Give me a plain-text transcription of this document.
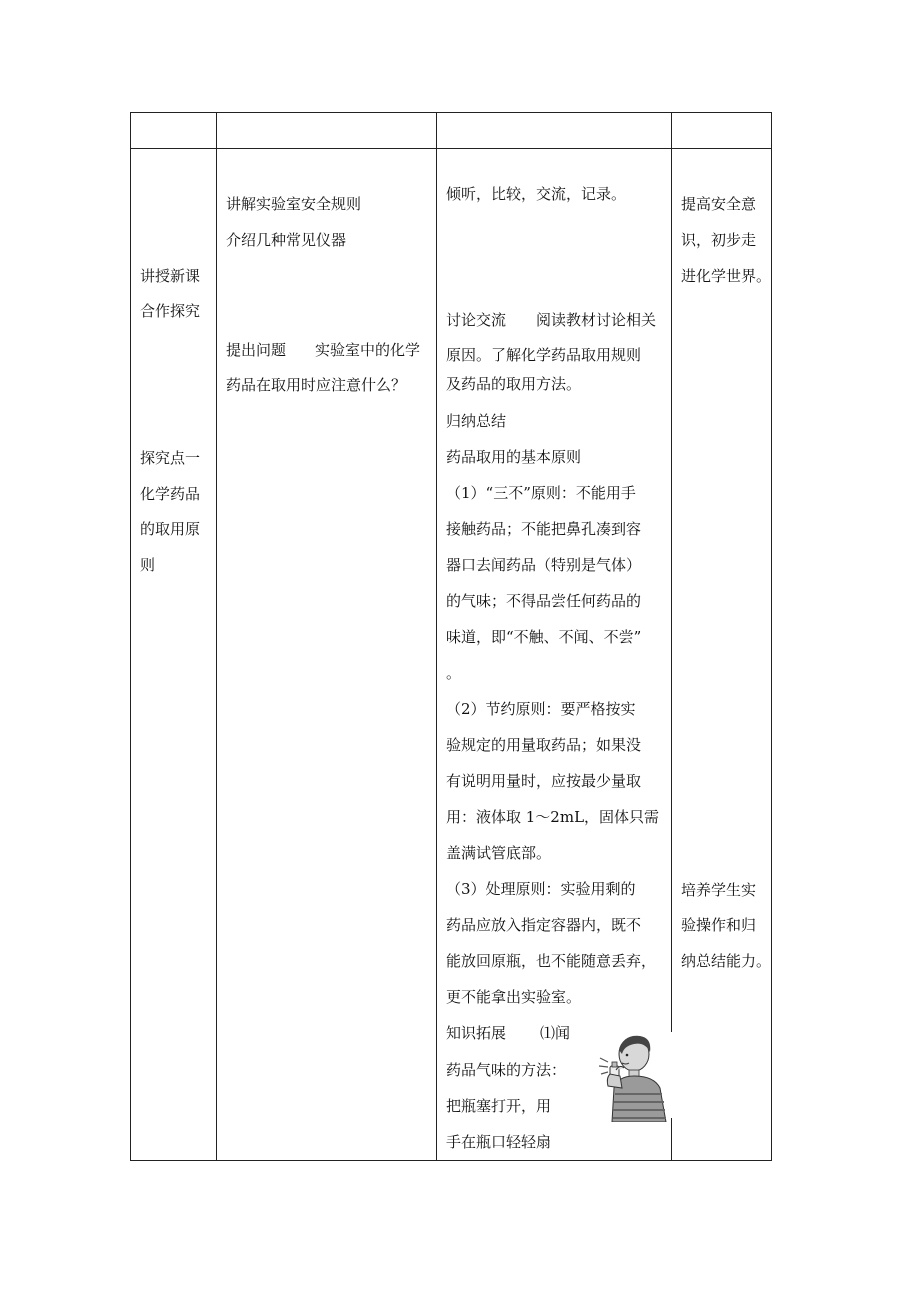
讲授新课
合作探究
探究点一
化学药品
的取用原
则
讲解实验室安全规则
介绍几种常见仪器
提出问题 实验室中的化学
药品在取用时应注意什么？
倾听，比较，交流，记录。
讨论交流 阅读教材讨论相关
原因。了解化学药品取用规则
及药品的取用方法。
归纳总结
药品取用的基本原则
（1）“三不”原则：不能用手
接触药品；不能把鼻孔凑到容
器口去闻药品（特别是气体）
的气味；不得品尝任何药品的
味道，即“不触、不闻、不尝”
。
（2）节约原则：要严格按实
验规定的用量取药品；如果没
有说明用量时，应按最少量取
用：液体取 1～2mL，固体只需
盖满试管底部。
（3）处理原则：实验用剩的
药品应放入指定容器内，既不
能放回原瓶，也不能随意丢弃，
更不能拿出实验室。
知识拓展 ⑴闻
药品气味的方法：
把瓶塞打开，用
手在瓶口轻轻扇
提高安全意
识，初步走
进化学世界。
培养学生实
验操作和归
纳总结能力。
